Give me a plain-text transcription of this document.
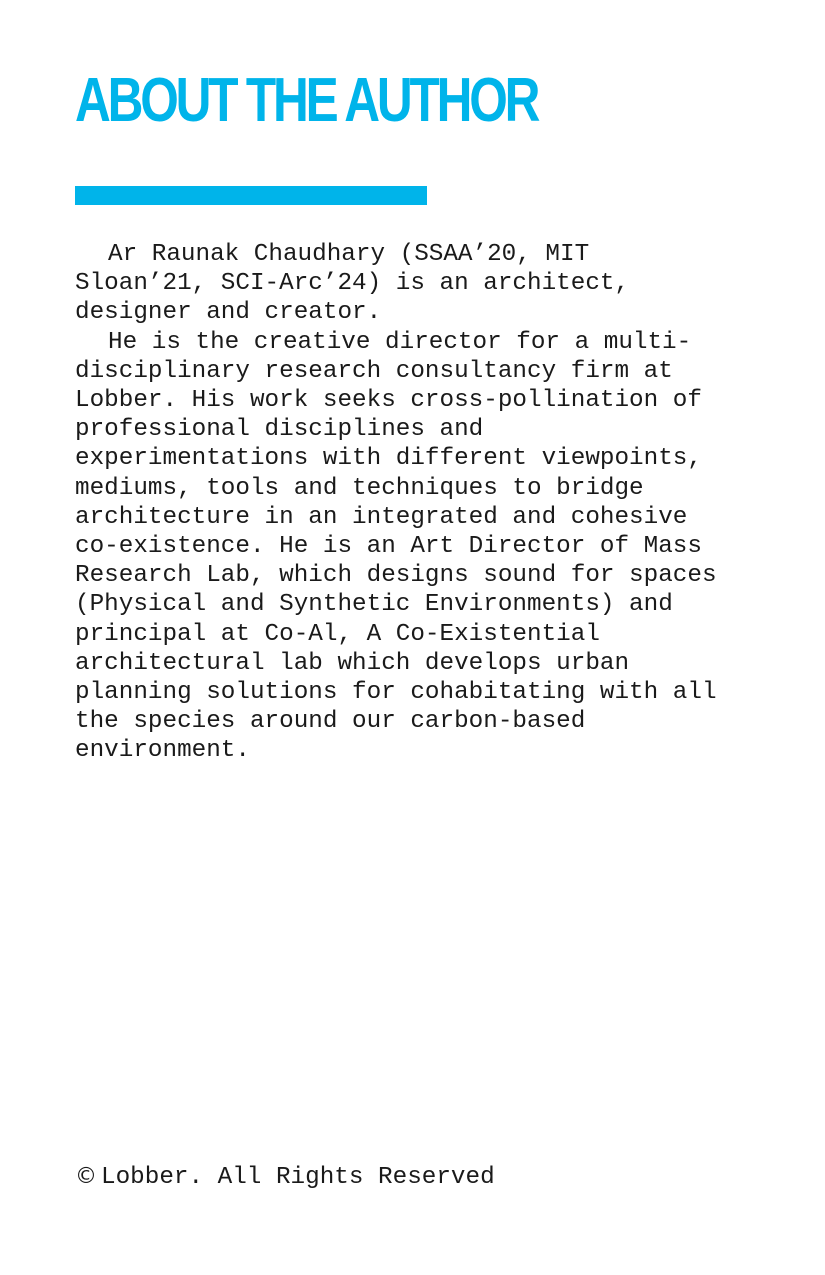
ABOUT THE AUTHOR

Ar Raunak Chaudhary (SSAA’20, MIT
Sloan’21, SCI-Arc’24) is an architect,
designer and creator.

He is the creative director for a multi-
disciplinary research consultancy firm at
Lobber. His work seeks cross-pollination of
professional disciplines and
experimentations with different viewpoints,
mediums, tools and techniques to bridge
architecture in an integrated and cohesive
co-existence. He is an Art Director of Mass
Research Lab, which designs sound for spaces
(Physical and Synthetic Environments) and
principal at Co-Al, A Co-Existential
architectural lab which develops urban
planning solutions for cohabitating with all
the species around our carbon-based
environment.

© Lobber. All Rights Reserved
